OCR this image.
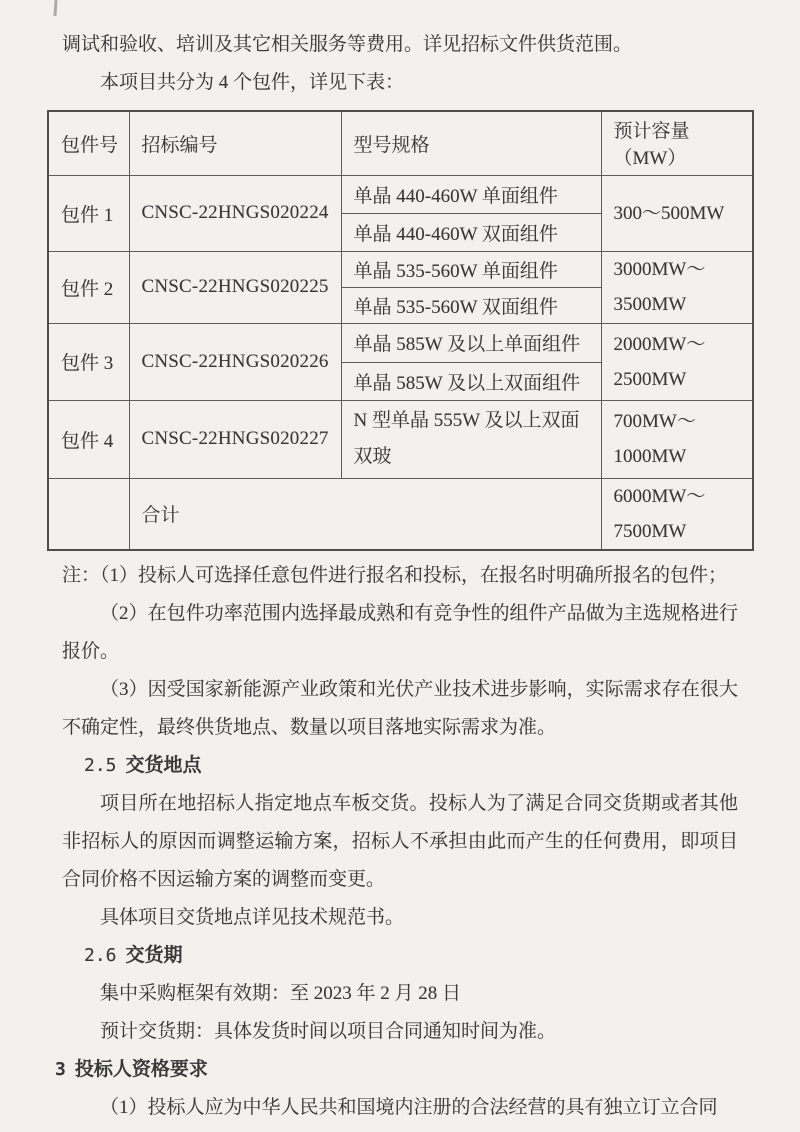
调试和验收、培训及其它相关服务等费用。详见招标文件供货范围。

本项目共分为 4 个包件，详见下表：

包件号	招标编号	型号规格	预计容量（MW）
包件 1	CNSC-22HNGS020224	单晶 440-460W 单面组件	300～500MW

		单晶 440-460W 双面组件	
包件 2	CNSC-22HNGS020225	单晶 535-560W 单面组件	3000MW～
3500MW

		单晶 535-560W 双面组件	
包件 3	CNSC-22HNGS020226	单晶 585W 及以上单面组件	2000MW～
2500MW

		单晶 585W 及以上双面组件	
包件 4	CNSC-22HNGS020227	N 型单晶 555W 及以上双面双玻	700MW～1000MW

	合计		6000MW～
7500MW

注：（1）投标人可选择任意包件进行报名和投标，在报名时明确所报名的包件；

（2）在包件功率范围内选择最成熟和有竞争性的组件产品做为主选规格进行报价。

（3）因受国家新能源产业政策和光伏产业技术进步影响，实际需求存在很大不确定性，最终供货地点、数量以项目落地实际需求为准。

2.5 交货地点

项目所在地招标人指定地点车板交货。投标人为了满足合同交货期或者其他非招标人的原因而调整运输方案，招标人不承担由此而产生的任何费用，即项目合同价格不因运输方案的调整而变更。

具体项目交货地点详见技术规范书。

2.6 交货期

集中采购框架有效期：至 2023 年 2 月 28 日

预计交货期：具体发货时间以项目合同通知时间为准。

3 投标人资格要求

（1）投标人应为中华人民共和国境内注册的合法经营的具有独立订立合同
